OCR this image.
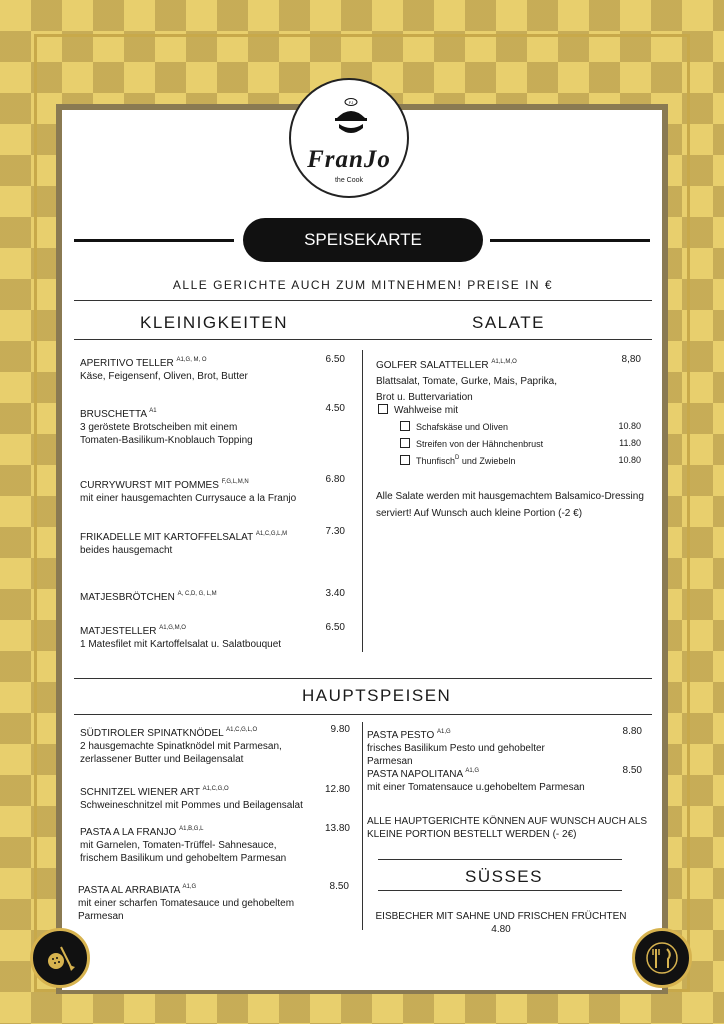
FJ
FranJo
the Cook
SPEISEKARTE
ALLE GERICHTE AUCH ZUM MITNEHMEN! PREISE IN €
KLEINIGKEITEN	SALATE
APERITIVO TELLER $^{A1,G, M, O}$
Käse, Feigensenf, Oliven, Brot, Butter
6.50
BRUSCHETTA $^{A1}$
3 geröstete Brotscheiben mit einem Tomaten-Basilikum-Knoblauch Topping
4.50
CURRYWURST MIT POMMES $^{F,G,L,M,N}$
mit einer hausgemachten Currysauce a la Franjo
6.80
FRIKADELLE MIT KARTOFFELSALAT $^{A1,C,G,L,M}$
beides hausgemacht
7.30
MATJESBRÖTCHEN $^{A, C,D, G, L,M}$	3.40
MATJESTELLER $^{A1,G,M,O}$
1 Matesfilet mit Kartoffelsalat u. Salatbouquet
6.50
GOLFER SALATTELLER $^{A1,L,M,O}$
Blattsalat, Tomate, Gurke, Mais, Paprika,
Brot u. Buttervariation
8,80
Wahlweise mit
Schafskäse und Oliven	10.80
Streifen von der Hähnchenbrust	11.80
Thunfisch$^D$ und Zwiebeln	10.80
Alle Salate werden mit hausgemachtem Balsamico-Dressing serviert! Auf Wunsch auch kleine Portion (-2 €)
HAUPTSPEISEN
SÜDTIROLER SPINATKNÖDEL $^{A1,C,G,L,O}$
2 hausgemachte Spinatknödel mit Parmesan, zerlassener Butter und Beilagensalat
9.80
SCHNITZEL WIENER ART $^{A1,C,G,O}$
Schweineschnitzel mit Pommes und Beilagensalat
12.80
PASTA A LA FRANJO $^{A1,B,G,L}$
mit Garnelen, Tomaten-Trüffel- Sahnesauce, frischem Basilikum und gehobeltem Parmesan
13.80
PASTA AL ARRABIATA $^{A1,G}$
mit einer scharfen Tomatesauce und gehobeltem Parmesan
8.50
PASTA PESTO $^{A1,G}$
frisches Basilikum Pesto und gehobelter Parmesan
8.80
PASTA NAPOLITANA $^{A1,G}$
mit einer Tomatensauce u.gehobeltem Parmesan
8.50
ALLE HAUPTGERICHTE KÖNNEN AUF WUNSCH AUCH ALS KLEINE PORTION BESTELLT WERDEN (- 2€)
SÜSSES
EISBECHER MIT SAHNE UND FRISCHEN FRÜCHTEN
4.80
